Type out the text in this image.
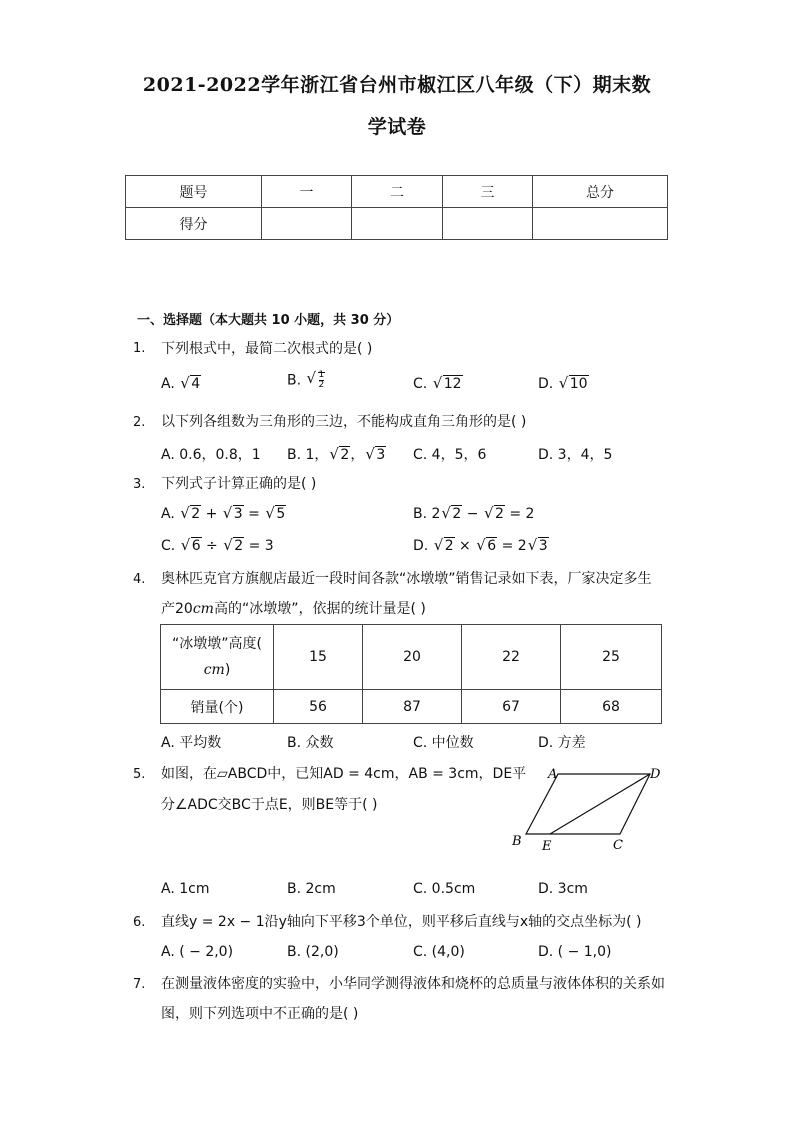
2021-2022学年浙江省台州市椒江区八年级（下）期末数
学试卷
题号	一	二	三	总分
得分				
一、选择题（本大题共 10 小题，共 30 分）
1. 下列根式中，最简二次根式的是( )
A. √ 4	B. √ $\frac{1}{2}$	C. √ 12	D. √ 10
2. 以下列各组数为三角形的三边，不能构成直角三角形的是( )
A. 0.6，0.8，1 B. 1， √ 2， √ 3 C. 4，5，6	D. 3，4，5
3. 下列式子计算正确的是( )
A. √ 2 + √ 3 = √ 5	B. 2 √ 2 − √ 2 = 2
C. √ 6 ÷ √ 2 = 3	D. √ 2 × √ 6 = 2 √ 3
4. 奥林匹克官方旗舰店最近一段时间各款“冰墩墩”销售记录如下表，厂家决定多生
产20cm高的“冰墩墩”，依据的统计量是( )
“冰墩墩”高度(
cm)	15	20	22	25
销量(个)	56	87	67	68
A. 平均数	B. 众数	C. 中位数	D. 方差
5. 如图，在▱ABCD中，已知AD = 4cm，AB = 3cm，DE平
分∠ADC交BC于点E，则BE等于( )
A	D
B E	C
A. 1cm	B. 2cm	C. 0.5cm	D. 3cm
6. 直线y = 2x − 1沿y轴向下平移3个单位，则平移后直线与x轴的交点坐标为( )
A. ( − 2,0)	B. (2,0)	C. (4,0)	D. ( − 1,0)
7. 在测量液体密度的实验中，小华同学测得液体和烧杯的总质量与液体体积的关系如
图，则下列选项中不正确的是( )
